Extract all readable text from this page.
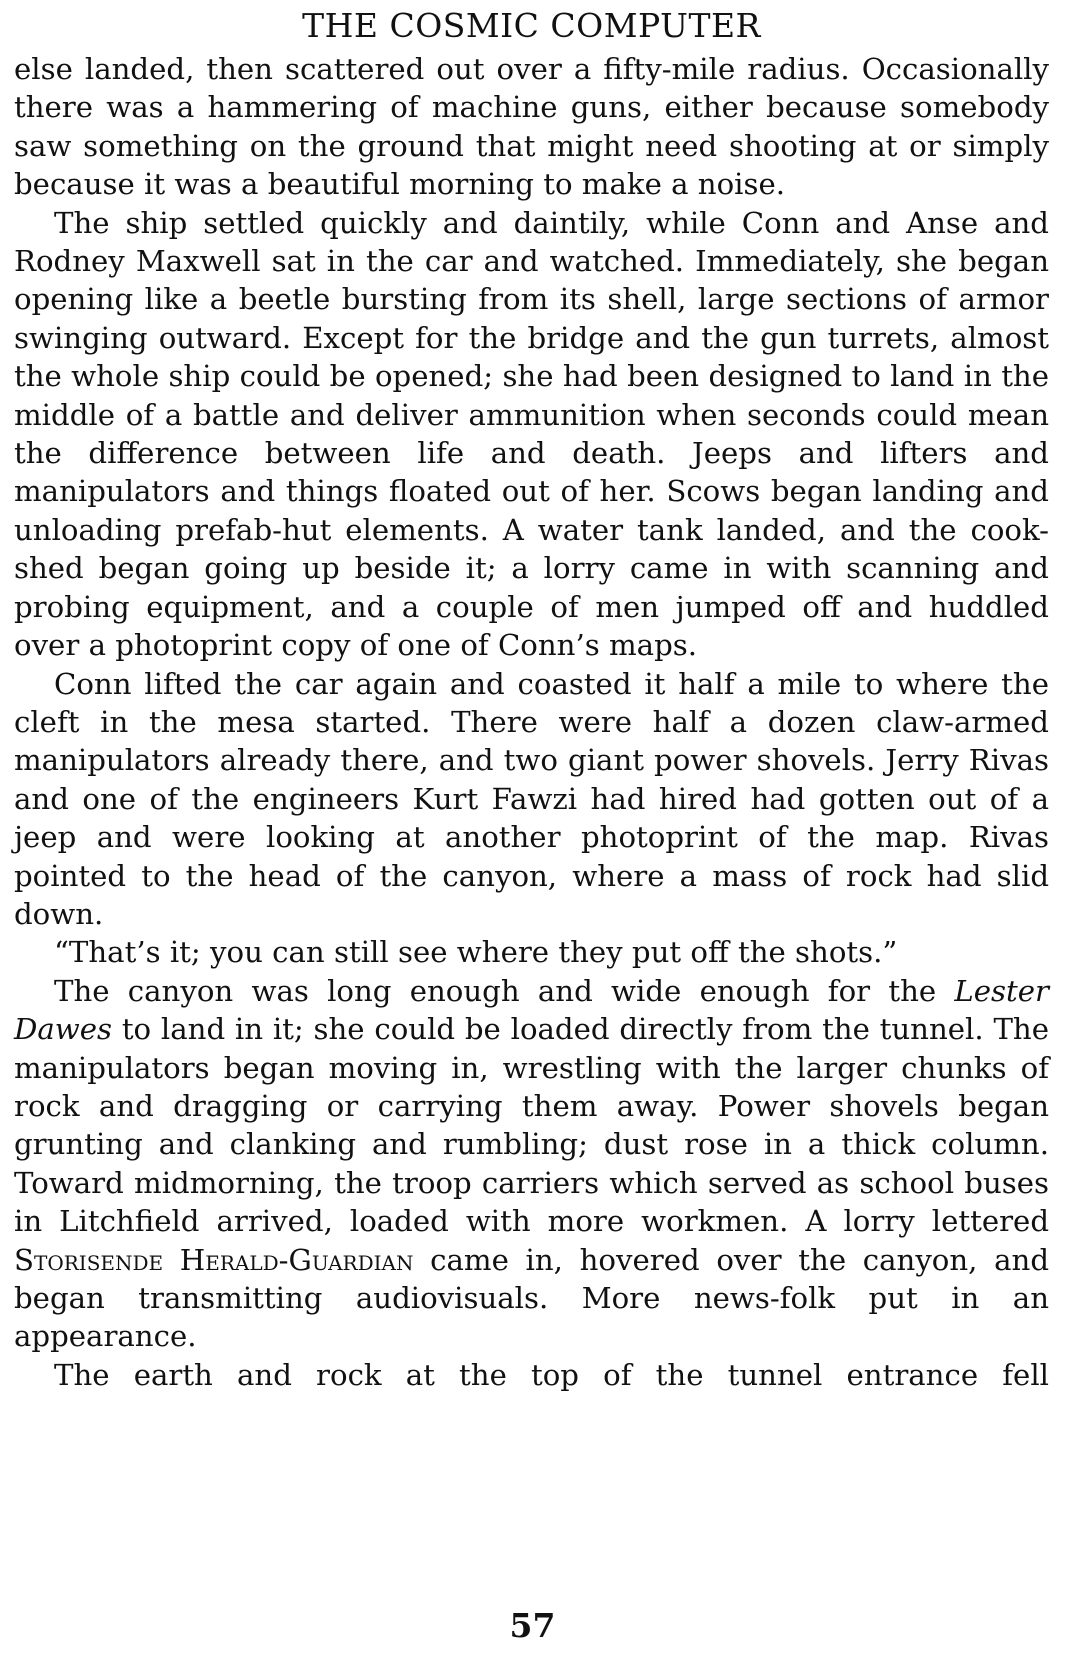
THE COSMIC COMPUTER

else landed, then scattered out over a fifty-mile radius. Occasionally there was a hammering of machine guns, either because somebody saw something on the ground that might need shooting at or simply because it was a beautiful morning to make a noise.

The ship settled quickly and daintily, while Conn and Anse and Rodney Maxwell sat in the car and watched. Immediately, she began opening like a beetle bursting from its shell, large sections of armor swinging outward. Except for the bridge and the gun turrets, almost the whole ship could be opened; she had been designed to land in the middle of a battle and deliver ammunition when seconds could mean the difference between life and death. Jeeps and lifters and manipulators and things floated out of her. Scows began landing and unloading prefab-hut elements. A water tank landed, and the cook-shed began going up beside it; a lorry came in with scanning and probing equipment, and a couple of men jumped off and huddled over a photoprint copy of one of Conn’s maps.

Conn lifted the car again and coasted it half a mile to where the cleft in the mesa started. There were half a dozen claw-armed manipulators already there, and two giant power shovels. Jerry Rivas and one of the engineers Kurt Fawzi had hired had gotten out of a jeep and were looking at another photoprint of the map. Rivas pointed to the head of the canyon, where a mass of rock had slid down.

“That’s it; you can still see where they put off the shots.”

The canyon was long enough and wide enough for the Lester Dawes to land in it; she could be loaded directly from the tunnel. The manipulators began moving in, wrestling with the larger chunks of rock and dragging or carrying them away. Power shovels began grunting and clanking and rumbling; dust rose in a thick column. Toward midmorning, the troop carriers which served as school buses in Litchfield arrived, loaded with more workmen. A lorry lettered Storisende Herald-Guardian came in, hovered over the canyon, and began transmitting audiovisuals. More news-folk put in an appearance.

The earth and rock at the top of the tunnel entrance fell

57
